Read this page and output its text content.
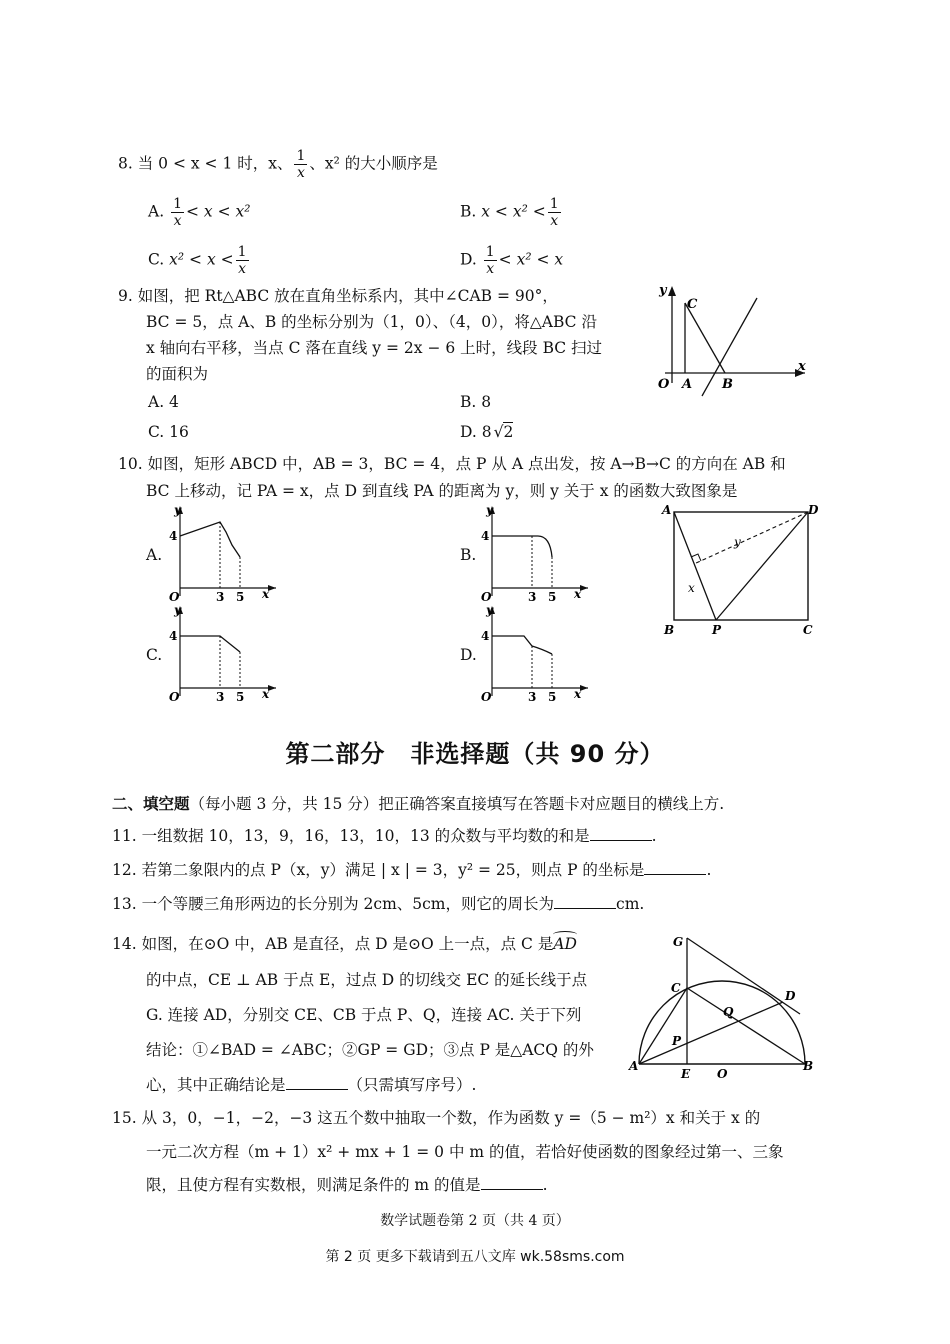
8. 当 0 < x < 1 时，x、 $\frac{1}{x}$ 、x² 的大小顺序是
A. $\frac{1}{x} < x < x^2$	B. $x < x^2 < \frac{1}{x}$
C. $x^2 < x < \frac{1}{x}$	D. $\frac{1}{x} < x^2 < x$
9. 如图，把 Rt△ABC 放在直角坐标系内，其中∠CAB = 90°，
BC = 5，点 A、B 的坐标分别为（1，0）、（4，0），将△ABC 沿
x 轴向右平移，当点 C 落在直线 y = 2x − 6 上时，线段 BC 扫过
的面积为
A. 4	B. 8
C. 16	D. 8 √2
y
x
C
O A B
10. 如图，矩形 ABCD 中，AB = 3，BC = 4，点 P 从 A 点出发，按 A→B→C 的方向在 AB 和
BC 上移动，记 PA = x，点 D 到直线 PA 的距离为 y，则 y 关于 x 的函数大致图象是
A.	B.
C.	D.
y
4
O	3 5 x
y
4
O	3 5 x
y
4
O	3 5 x
y
4
O	3 5 x
A	D
B	P	C
x
y
第二部分　非选择题（共 90 分）
二、填空题（每小题 3 分，共 15 分）把正确答案直接填写在答题卡对应题目的横线上方.
11. 一组数据 10，13，9，16，13，10，13 的众数与平均数的和是	.
12. 若第二象限内的点 P（x，y）满足 | x | = 3，y² = 25，则点 P 的坐标是	.
13. 一个等腰三角形两边的长分别为 2cm、5cm，则它的周长为	cm.
14. 如图，在⊙O 中，AB 是直径，点 D 是⊙O 上一点，点 C 是
AD
的中点，CE ⊥ AB 于点 E，过点 D 的切线交 EC 的延长线于点
G. 连接 AD，分别交 CE、CB 于点 P、Q，连接 AC. 关于下列
结论：①∠BAD = ∠ABC；②GP = GD；③点 P 是△ACQ 的外
心，其中正确结论是	（只需填写序号）.
G
C
D
Q
P
A
E O
B
15. 从 3，0，−1，−2，−3 这五个数中抽取一个数，作为函数 y =（5 − m²）x 和关于 x 的
一元二次方程（m + 1）x² + mx + 1 = 0 中 m 的值，若恰好使函数的图象经过第一、三象
限，且使方程有实数根，则满足条件的 m 的值是	.
数学试题卷第 2 页（共 4 页）
第 2 页 更多下载请到五八文库 wk.58sms.com
